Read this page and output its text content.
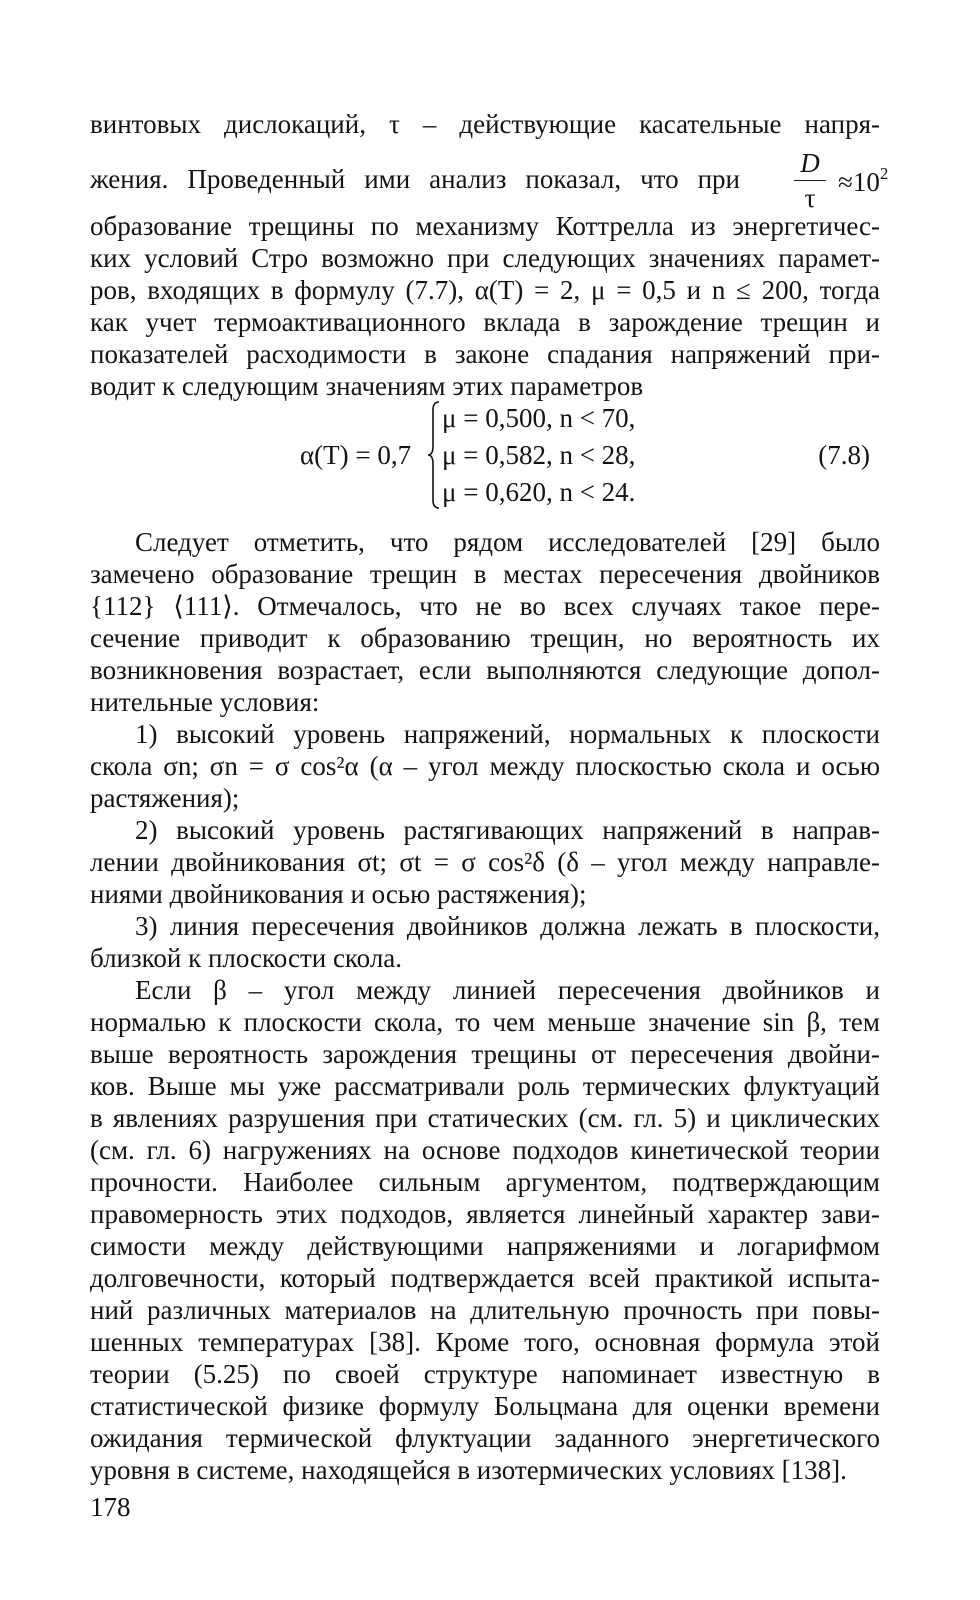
винтовых дислокаций, τ – действующие касательные напря-
жения. Проведенный ими анализ показал, что при
D
τ
$\approx 10^2$
образование трещины по механизму Коттрелла из энергетичес-
ких условий Стро возможно при следующих значениях парамет-
ров, входящих в формулу (7.7), α(T) = 2, μ = 0,5 и n ≤ 200, тогда
как учет термоактивационного вклада в зарождение трещин и
показателей расходимости в законе спадания напряжений при-
водит к следующим значениям этих параметров
α(T) = 0,7
μ = 0,500, n < 70,
μ = 0,582, n < 28,
μ = 0,620, n < 24.
(7.8)
Следует отметить, что рядом исследователей [29] было
замечено образование трещин в местах пересечения двойников
{112} ⟨111⟩. Отмечалось, что не во всех случаях такое пере-
сечение приводит к образованию трещин, но вероятность их
возникновения возрастает, если выполняются следующие допол-
нительные условия:
1) высокий уровень напряжений, нормальных к плоскости
скола σn; σn = σ cos²α (α – угол между плоскостью скола и осью
растяжения);
2) высокий уровень растягивающих напряжений в направ-
лении двойникования σt; σt = σ cos²δ (δ – угол между направле-
ниями двойникования и осью растяжения);
3) линия пересечения двойников должна лежать в плоскости,
близкой к плоскости скола.
Если β – угол между линией пересечения двойников и
нормалью к плоскости скола, то чем меньше значение sin β, тем
выше вероятность зарождения трещины от пересечения двойни-
ков. Выше мы уже рассматривали роль термических флуктуаций
в явлениях разрушения при статических (см. гл. 5) и циклических
(см. гл. 6) нагружениях на основе подходов кинетической теории
прочности. Наиболее сильным аргументом, подтверждающим
правомерность этих подходов, является линейный характер зави-
симости между действующими напряжениями и логарифмом
долговечности, который подтверждается всей практикой испыта-
ний различных материалов на длительную прочность при повы-
шенных температурах [38]. Кроме того, основная формула этой
теории (5.25) по своей структуре напоминает известную в
статистической физике формулу Больцмана для оценки времени
ожидания термической флуктуации заданного энергетического
уровня в системе, находящейся в изотермических условиях [138].
178
